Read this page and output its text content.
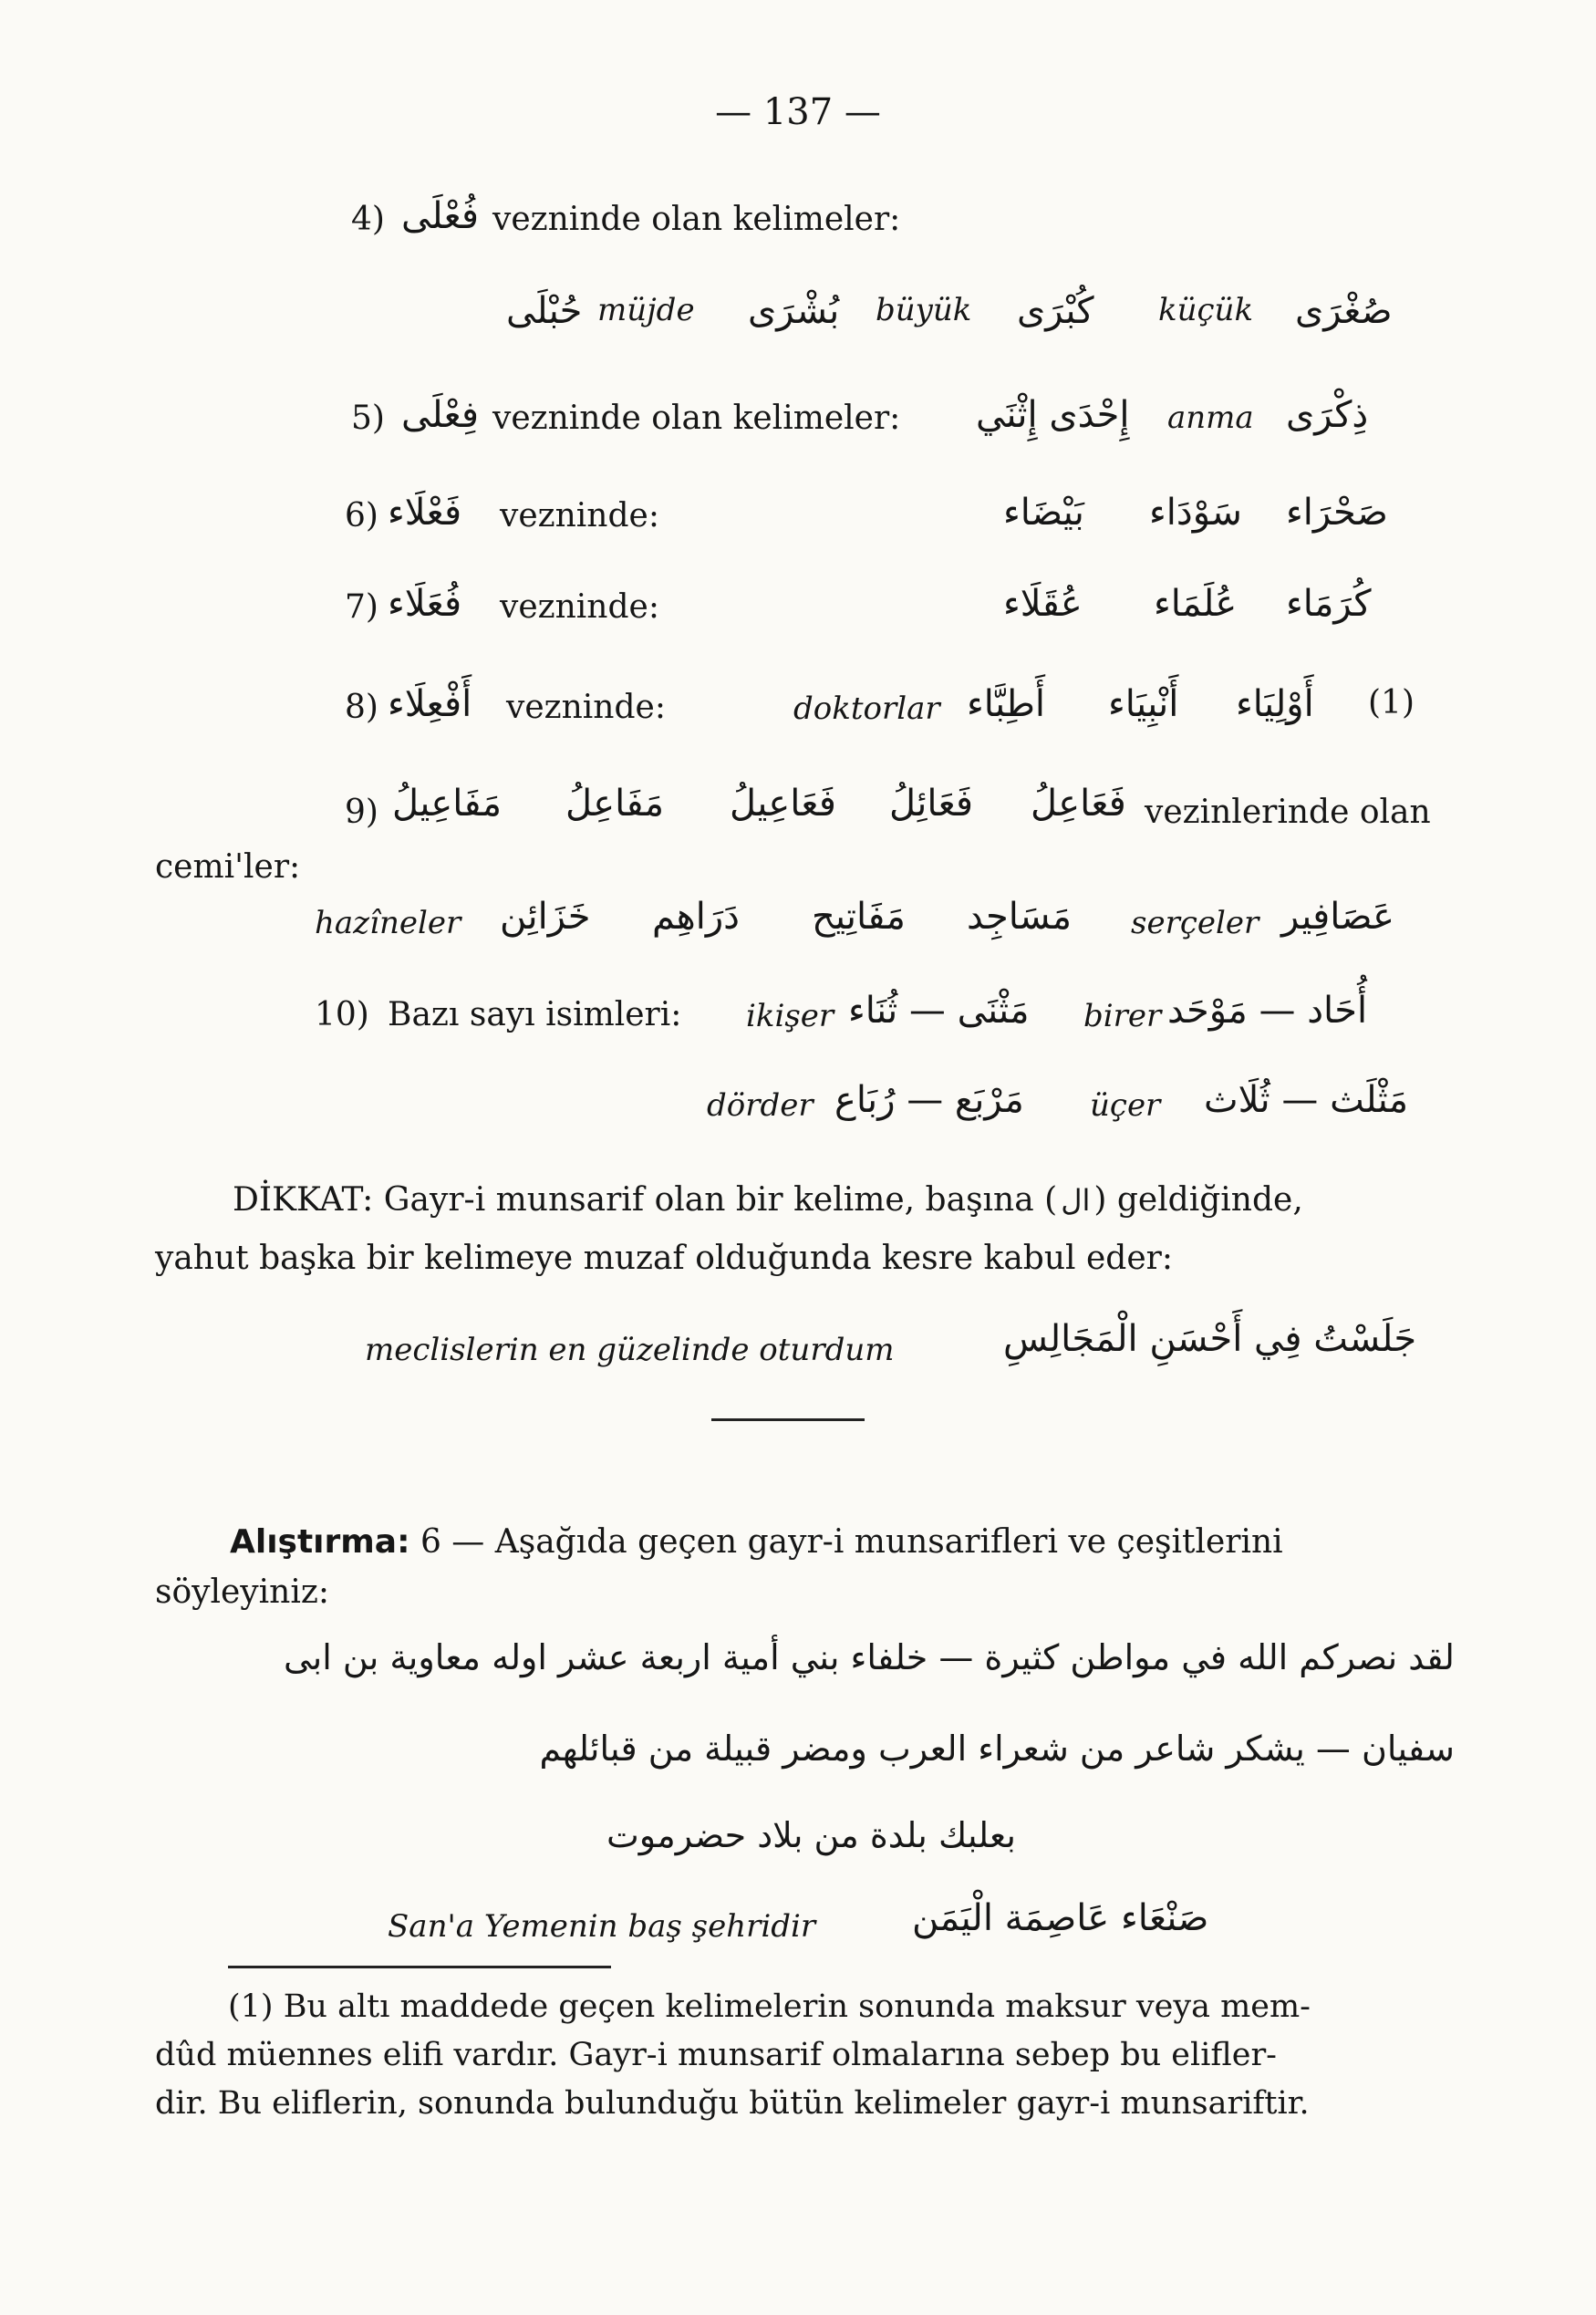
— 137 —
4) فُعْلَى vezninde olan kelimeler:
حُبْلَى müjde بُشْرَى büyük كُبْرَى küçük صُغْرَى
5) فِعْلَى vezninde olan kelimeler: إِحْدَى إِثْنَي anma ذِكْرَى
6) فَعْلَاء vezninde:	بَيْضَاء سَوْدَاء صَحْرَاء
7) فُعَلَاء vezninde:	عُقَلَاء عُلَمَاء كُرَمَاء
8) أَفْعِلَاء vezninde:	doktorlar أَطِبَّاء أَنْبِيَاء أَوْلِيَاء (1)
9) مَفَاعِيلُ مَفَاعِلُ فَعَاعِيلُ فَعَائِلُ فَعَاعِلُ vezinlerinde olan
cemi'ler:
hazîneler خَزَائِن دَرَاهِم مَفَاتِيح مَسَاجِد serçeler عَصَافِير
10) Bazı sayı isimleri: ikişer مَثْنَى — ثُنَاء birer أُحَاد — مَوْحَد
dörder مَرْبَع — رُبَاع üçer مَثْلَث — ثُلَاث
DİKKAT: Gayr-i munsarif olan bir kelime, başına ( ال ) geldiğinde,
yahut başka bir kelimeye muzaf olduğunda kesre kabul eder:
meclislerin en güzelinde oturdum	جَلَسْتُ فِي أَحْسَنِ الْمَجَالِسِ
Alıştırma: 6 — Aşağıda geçen gayr-i munsarifleri ve çeşitlerini
söyleyiniz:
لقد نصركم الله في مواطن كثيرة — خلفاء بني أمية اربعة عشر اوله معاوية بن ابى
سفيان — يشكر شاعر من شعراء العرب ومضر قبيلة من قبائلهم
بعلبك بلدة من بلاد حضرموت
San'a Yemenin baş şehridir	صَنْعَاء عَاصِمَة الْيَمَن
(1) Bu altı maddede geçen kelimelerin sonunda maksur veya mem-
dûd müennes elifi vardır. Gayr-i munsarif olmalarına sebep bu elifler-
dir. Bu eliflerin, sonunda bulunduğu bütün kelimeler gayr-i munsariftir.
